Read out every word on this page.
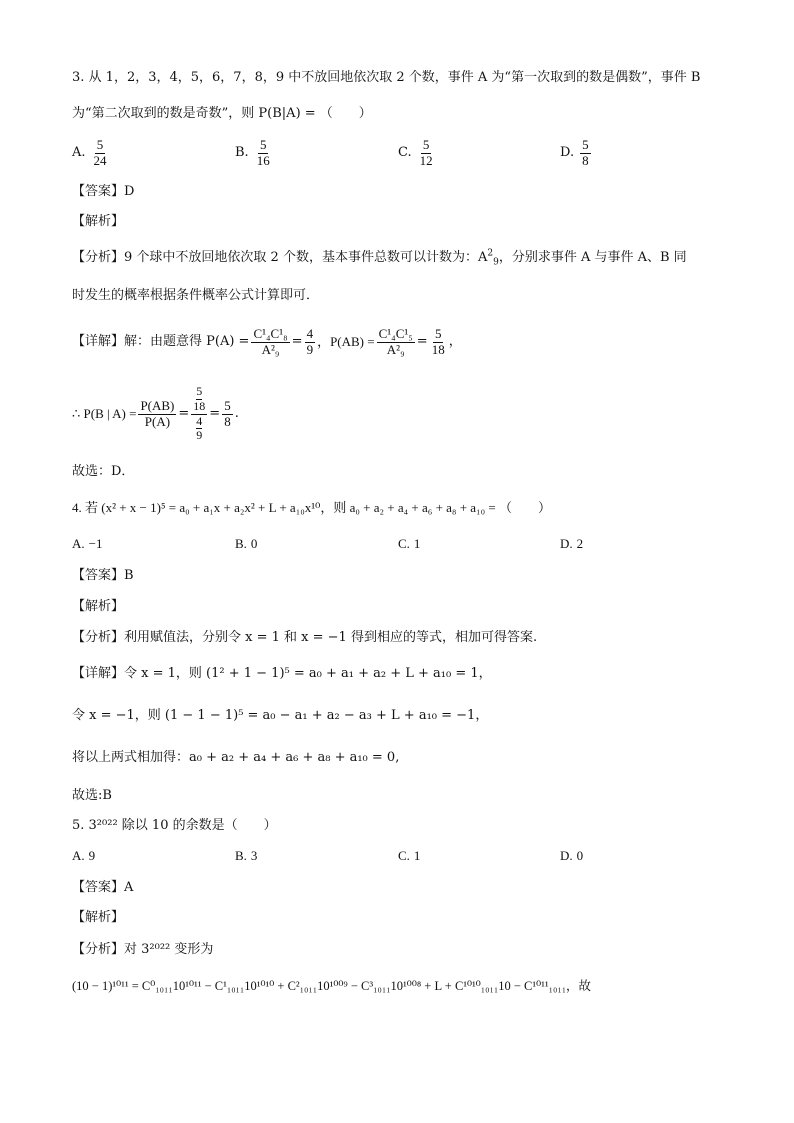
3. 从 1，2，3，4，5，6，7，8，9 中不放回地依次取 2 个数，事件 A 为“第一次取到的数是偶数”，事件 B
为“第二次取到的数是奇数”，则 P(B|A) = （　　）
A. $\frac{5}{24}$	B. $\frac{5}{16}$	C. $\frac{5}{12}$	D. $\frac{5}{8}$
【答案】D
【解析】
【分析】9 个球中不放回地依次取 2 个数，基本事件总数可以计数为：$A^2_9$，分别求事件 A 与事件 A、B 同
时发生的概率根据条件概率公式计算即可．
【详解】 解：由题意得 $P(A) = \frac{\text{C¹₄C¹₈}}{\text{A²₉}} = \frac{4}{9}$ ，$P(AB) = \frac{\text{C¹₄C¹₅}}{\text{A²₉}} = \frac{5}{18}$ ，
∴ P(B | $A) = \frac{P(AB)}{P(A)} = 5$
18
4
$9 = \frac{5}{8}$ .
故选：D．
4. 若 (x² + x − 1)⁵ = a₀ + a₁x + a₂x² + L + a₁₀x¹⁰，则 a₀ + a₂ + a₄ + a₆ + a₈ + a₁₀ = （　　）
A. −1	B. 0	C. 1	D. 2
【答案】B
【解析】
【分析】利用赋值法，分别令 x = 1 和 x = −1 得到相应的等式，相加可得答案.
【详解】令 x = 1，则 (1² + 1 − 1)⁵ = a₀ + a₁ + a₂ + L + a₁₀ = 1，
令 x = −1，则 (1 − 1 − 1)⁵ = a₀ − a₁ + a₂ − a₃ + L + a₁₀ = −1，
将以上两式相加得：a₀ + a₂ + a₄ + a₆ + a₈ + a₁₀ = 0,
故选:B
5. 3²⁰²² 除以 10 的余数是（　　）
A. 9	B. 3	C. 1	D. 0
【答案】A
【解析】
【分析】对 3²⁰²² 变形为
(10 − 1)¹⁰¹¹ = C⁰₁₀₁₁10¹⁰¹¹ − C¹₁₀₁₁10¹⁰¹⁰ + C²₁₀₁₁10¹⁰⁰⁹ − C³₁₀₁₁10¹⁰⁰⁸ + L + C¹⁰¹⁰₁₀₁₁10 − C¹⁰¹¹₁₀₁₁，故
